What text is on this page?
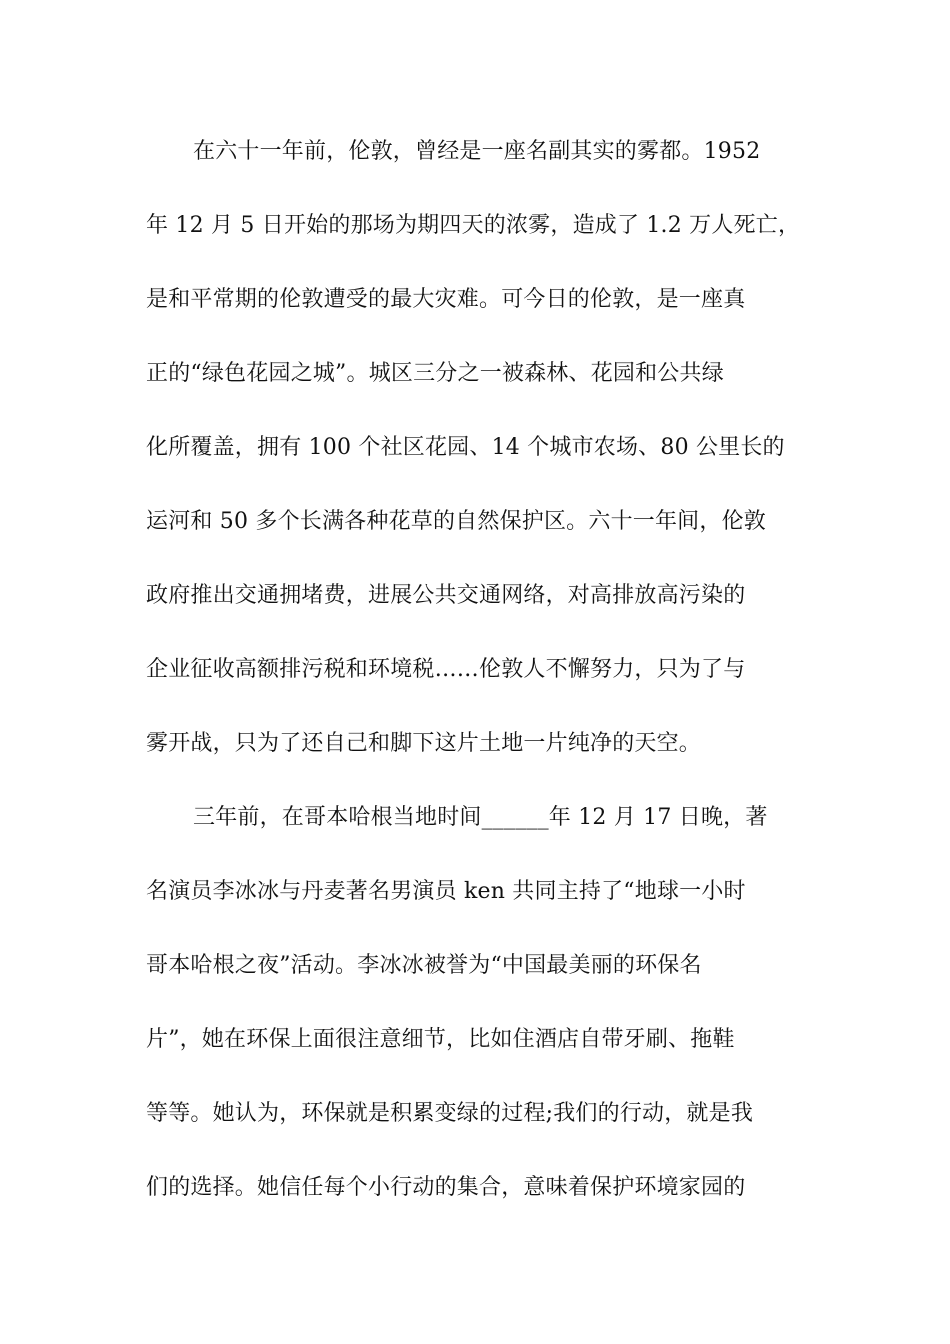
在六十一年前，伦敦，曾经是一座名副其实的雾都。1952
年 12 月 5 日开始的那场为期四天的浓雾，造成了 1.2 万人死亡，
是和平常期的伦敦遭受的最大灾难。可今日的伦敦，是一座真
正的“绿色花园之城”。城区三分之一被森林、花园和公共绿
化所覆盖，拥有 100 个社区花园、14 个城市农场、80 公里长的
运河和 50 多个长满各种花草的自然保护区。六十一年间，伦敦
政府推出交通拥堵费，进展公共交通网络，对高排放高污染的
企业征收高额排污税和环境税……伦敦人不懈努力，只为了与
雾开战，只为了还自己和脚下这片土地一片纯净的天空。
三年前，在哥本哈根当地时间______年 12 月 17 日晚，著
名演员李冰冰与丹麦著名男演员 ken 共同主持了“地球一小时
哥本哈根之夜”活动。李冰冰被誉为“中国最美丽的环保名
片”，她在环保上面很注意细节，比如住酒店自带牙刷、拖鞋
等等。她认为，环保就是积累变绿的过程;我们的行动，就是我
们的选择。她信任每个小行动的集合，意味着保护环境家园的
